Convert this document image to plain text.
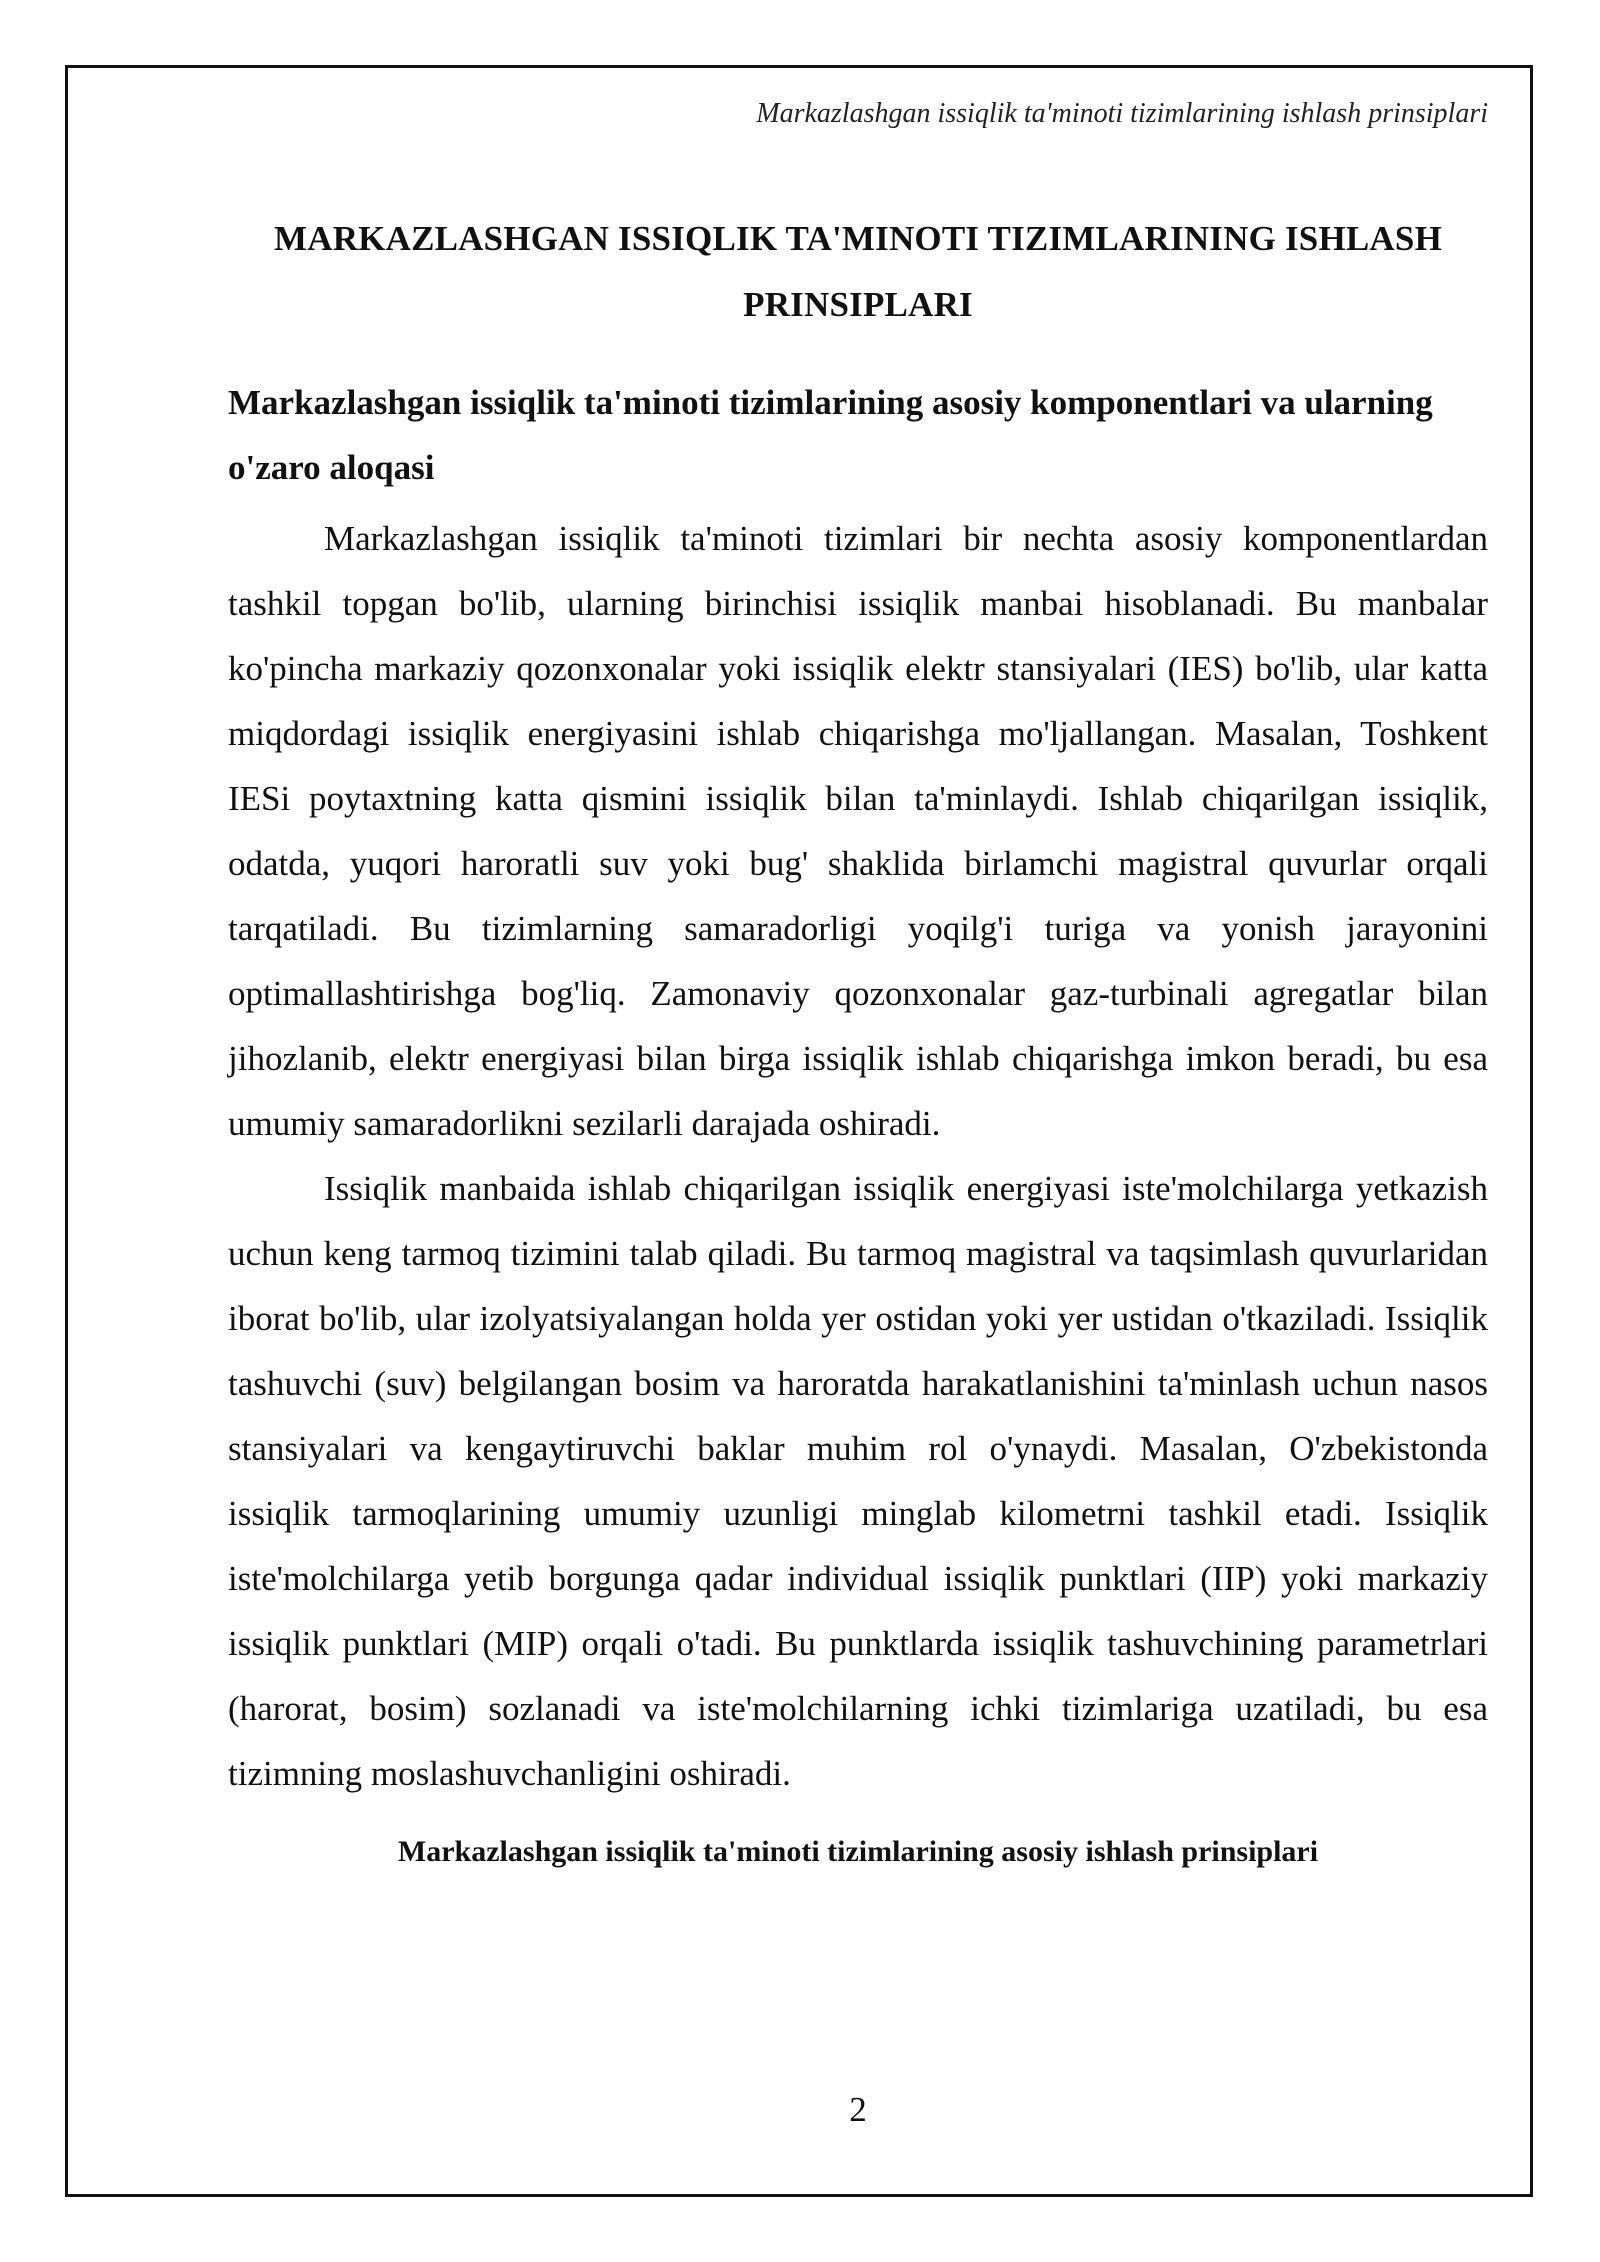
Markazlashgan issiqlik ta'minoti tizimlarining ishlash prinsiplari
MARKAZLASHGAN ISSIQLIK TA'MINOTI TIZIMLARINING ISHLASH PRINSIPLARI
Markazlashgan issiqlik ta'minoti tizimlarining asosiy komponentlari va ularning o'zaro aloqasi

Markazlashgan issiqlik ta'minoti tizimlari bir nechta asosiy komponentlardan tashkil topgan bo'lib, ularning birinchisi issiqlik manbai hisoblanadi. Bu manbalar ko'pincha markaziy qozonxonalar yoki issiqlik elektr stansiyalari (IES) bo'lib, ular katta miqdordagi issiqlik energiyasini ishlab chiqarishga mo'ljallangan. Masalan, Toshkent IESi poytaxtning katta qismini issiqlik bilan ta'minlaydi. Ishlab chiqarilgan issiqlik, odatda, yuqori haroratli suv yoki bug' shaklida birlamchi magistral quvurlar orqali tarqatiladi. Bu tizimlarning samaradorligi yoqilg'i turiga va yonish jarayonini optimallashtirishga bog'liq. Zamonaviy qozonxonalar gaz-turbinali agregatlar bilan jihozlanib, elektr energiyasi bilan birga issiqlik ishlab chiqarishga imkon beradi, bu esa umumiy samaradorlikni sezilarli darajada oshiradi.

Issiqlik manbaida ishlab chiqarilgan issiqlik energiyasi iste'molchilarga yetkazish uchun keng tarmoq tizimini talab qiladi. Bu tarmoq magistral va taqsimlash quvurlaridan iborat bo'lib, ular izolyatsiyalangan holda yer ostidan yoki yer ustidan o'tkaziladi. Issiqlik tashuvchi (suv) belgilangan bosim va haroratda harakatlanishini ta'minlash uchun nasos stansiyalari va kengaytiruvchi baklar muhim rol o'ynaydi. Masalan, O'zbekistonda issiqlik tarmoqlarining umumiy uzunligi minglab kilometrni tashkil etadi. Issiqlik iste'molchilarga yetib borgunga qadar individual issiqlik punktlari (IIP) yoki markaziy issiqlik punktlari (MIP) orqali o'tadi. Bu punktlarda issiqlik tashuvchining parametrlari (harorat, bosim) sozlanadi va iste'molchilarning ichki tizimlariga uzatiladi, bu esa tizimning moslashuvchanligini oshiradi.

Markazlashgan issiqlik ta'minoti tizimlarining asosiy ishlash prinsiplari
2
